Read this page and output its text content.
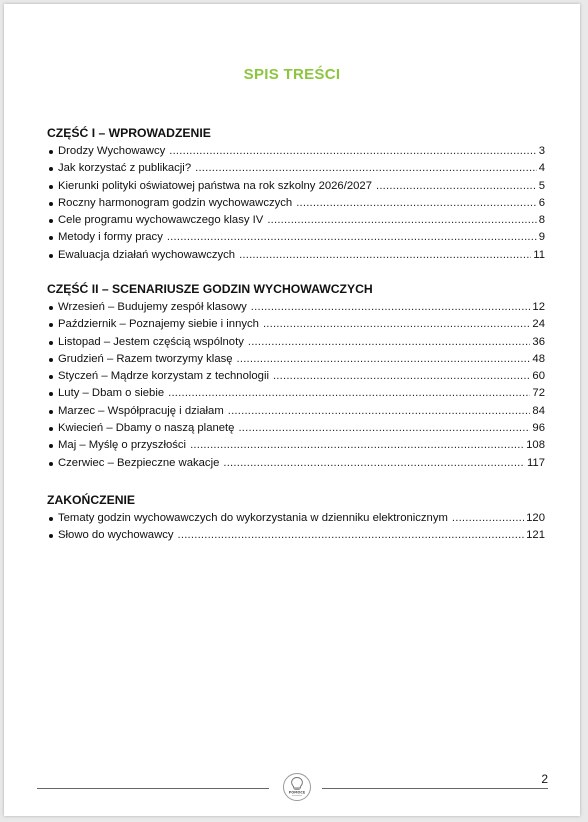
SPIS TREŚCI
CZĘŚĆ I – WPROWADZENIE
Drodzy Wychowawcy .....	3
Jak korzystać z publikacji? .....	4
Kierunki polityki oświatowej państwa na rok szkolny 2026/2027 .....	5
Roczny harmonogram godzin wychowawczych .....	6
Cele programu wychowawczego klasy IV .....	8
Metody i formy pracy .....	9
Ewaluacja działań wychowawczych .....	11
CZĘŚĆ II – SCENARIUSZE GODZIN WYCHOWAWCZYCH
Wrzesień – Budujemy zespół klasowy .....	12
Październik – Poznajemy siebie i innych .....	24
Listopad – Jestem częścią wspólnoty .....	36
Grudzień – Razem tworzymy klasę .....	48
Styczeń – Mądrze korzystam z technologii .....	60
Luty – Dbam o siebie .....	72
Marzec – Współpracuję i działam .....	84
Kwiecień – Dbamy o naszą planetę .....	96
Maj – Myślę o przyszłości .....	108
Czerwiec – Bezpieczne wakacje .....	117
ZAKOŃCZENIE
Tematy godzin wychowawczych do wykorzystania w dzienniku elektronicznym .....	120
Słowo do wychowawcy .....	121
POMOCE
2
